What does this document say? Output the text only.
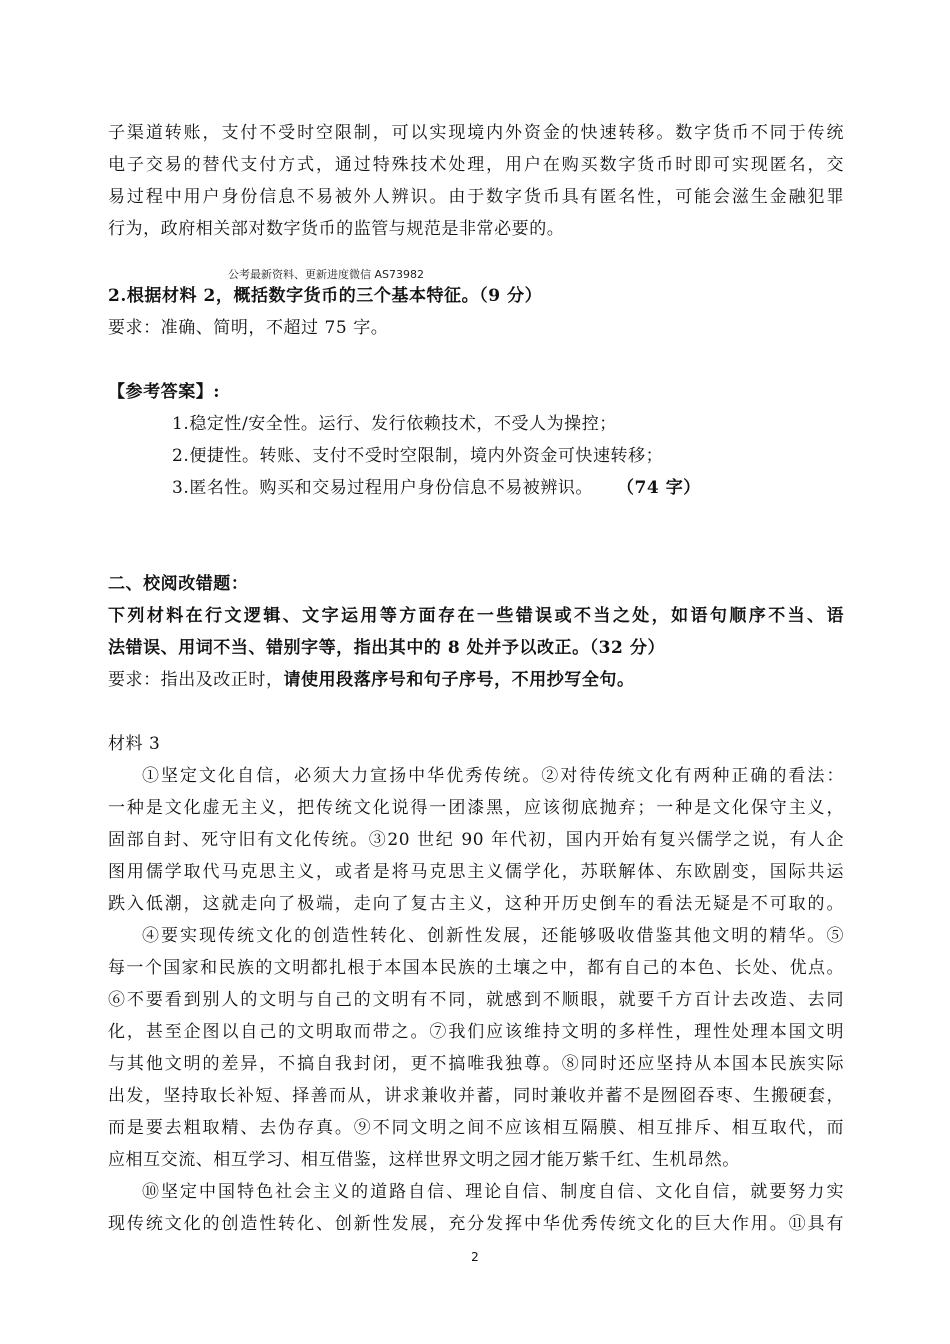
子渠道转账，支付不受时空限制，可以实现境内外资金的快速转移。数字货币不同于传统
电子交易的替代支付方式，通过特殊技术处理，用户在购买数字货币时即可实现匿名，交
易过程中用户身份信息不易被外人辨识。由于数字货币具有匿名性，可能会滋生金融犯罪
行为，政府相关部对数字货币的监管与规范是非常必要的。
公考最新资料、更新进度微信 AS73982
2.根据材料 2，概括数字货币的三个基本特征。（9 分）
要求：准确、简明，不超过 75 字。
【参考答案】:
1.稳定性/安全性。运行、发行依赖技术，不受人为操控；
2.便捷性。转账、支付不受时空限制，境内外资金可快速转移；
3.匿名性。购买和交易过程用户身份信息不易被辨识。 （74 字）
二、校阅改错题：
下列材料在行文逻辑、文字运用等方面存在一些错误或不当之处，如语句顺序不当、语
法错误、用词不当、错别字等，指出其中的 8 处并予以改正。（32 分）
要求：指出及改正时，请使用段落序号和句子序号，不用抄写全句。
材料 3
①坚定文化自信，必须大力宣扬中华优秀传统。②对待传统文化有两种正确的看法：
一种是文化虚无主义，把传统文化说得一团漆黑，应该彻底抛弃；一种是文化保守主义，
固部自封、死守旧有文化传统。③20 世纪 90 年代初，国内开始有复兴儒学之说，有人企
图用儒学取代马克思主义，或者是将马克思主义儒学化，苏联解体、东欧剧变，国际共运
跌入低潮，这就走向了极端，走向了复古主义，这种开历史倒车的看法无疑是不可取的。
④要实现传统文化的创造性转化、创新性发展，还能够吸收借鉴其他文明的精华。⑤
每一个国家和民族的文明都扎根于本国本民族的土壤之中，都有自己的本色、长处、优点。
⑥不要看到别人的文明与自己的文明有不同，就感到不顺眼，就要千方百计去改造、去同
化，甚至企图以自己的文明取而带之。⑦我们应该维持文明的多样性，理性处理本国文明
与其他文明的差异，不搞自我封闭，更不搞唯我独尊。⑧同时还应坚持从本国本民族实际
出发，坚持取长补短、择善而从，讲求兼收并蓄，同时兼收并蓄不是囫囵吞枣、生搬硬套，
而是要去粗取精、去伪存真。⑨不同文明之间不应该相互隔膜、相互排斥、相互取代，而
应相互交流、相互学习、相互借鉴，这样世界文明之园才能万紫千红、生机昂然。
⑩坚定中国特色社会主义的道路自信、理论自信、制度自信、文化自信，就要努力实
现传统文化的创造性转化、创新性发展，充分发挥中华优秀传统文化的巨大作用。⑪具有
2
